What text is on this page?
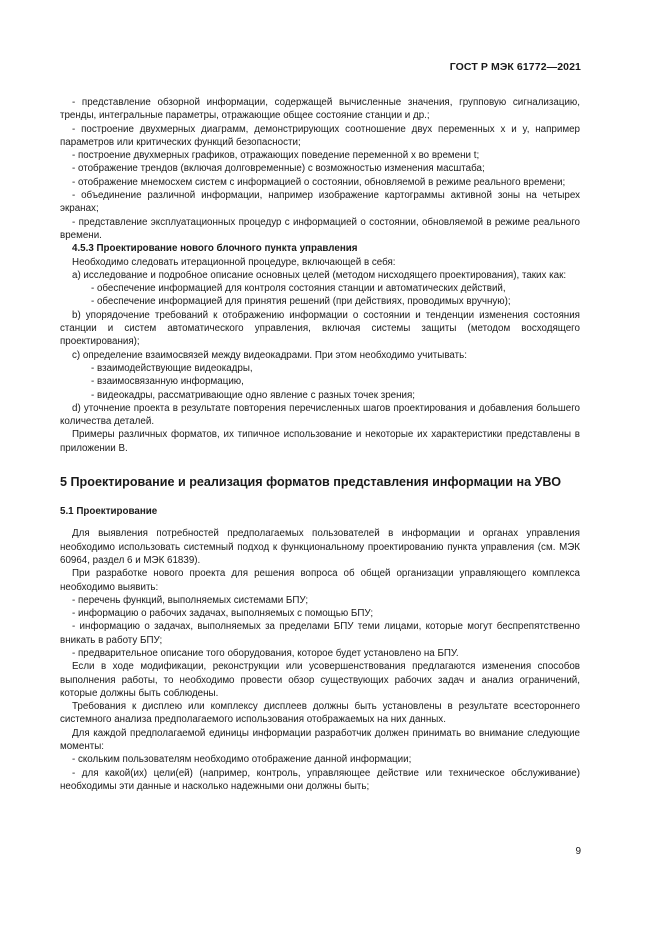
ГОСТ Р МЭК 61772—2021
- представление обзорной информации, содержащей вычисленные значения, групповую сигнализацию, тренды, интегральные параметры, отражающие общее состояние станции и др.;
- построение двухмерных диаграмм, демонстрирующих соотношение двух переменных x и y, например параметров или критических функций безопасности;
- построение двухмерных графиков, отражающих поведение переменной x во времени t;
- отображение трендов (включая долговременные) с возможностью изменения масштаба;
- отображение мнемосхем систем с информацией о состоянии, обновляемой в режиме реального времени;
- объединение различной информации, например изображение картограммы активной зоны на четырех экранах;
- представление эксплуатационных процедур с информацией о состоянии, обновляемой в режиме реального времени.
4.5.3 Проектирование нового блочного пункта управления
Необходимо следовать итерационной процедуре, включающей в себя:
а) исследование и подробное описание основных целей (методом нисходящего проектирования), таких как:
- обеспечение информацией для контроля состояния станции и автоматических действий,
- обеспечение информацией для принятия решений (при действиях, проводимых вручную);
b) упорядочение требований к отображению информации о состоянии и тенденции изменения состояния станции и систем автоматического управления, включая системы защиты (методом восходящего проектирования);
с) определение взаимосвязей между видеокадрами. При этом необходимо учитывать:
- взаимодействующие видеокадры,
- взаимосвязанную информацию,
- видеокадры, рассматривающие одно явление с разных точек зрения;
d) уточнение проекта в результате повторения перечисленных шагов проектирования и добавления большего количества деталей.
Примеры различных форматов, их типичное использование и некоторые их характеристики представлены в приложении В.
5 Проектирование и реализация форматов представления информации на УВО
5.1 Проектирование
Для выявления потребностей предполагаемых пользователей в информации и органах управления необходимо использовать системный подход к функциональному проектированию пункта управления (см. МЭК 60964, раздел 6 и МЭК 61839).
При разработке нового проекта для решения вопроса об общей организации управляющего комплекса необходимо выявить:
- перечень функций, выполняемых системами БПУ;
- информацию о рабочих задачах, выполняемых с помощью БПУ;
- информацию о задачах, выполняемых за пределами БПУ теми лицами, которые могут беспрепятственно вникать в работу БПУ;
- предварительное описание того оборудования, которое будет установлено на БПУ.
Если в ходе модификации, реконструкции или усовершенствования предлагаются изменения способов выполнения работы, то необходимо провести обзор существующих рабочих задач и анализ ограничений, которые должны быть соблюдены.
Требования к дисплею или комплексу дисплеев должны быть установлены в результате всестороннего системного анализа предполагаемого использования отображаемых на них данных.
Для каждой предполагаемой единицы информации разработчик должен принимать во внимание следующие моменты:
- скольким пользователям необходимо отображение данной информации;
- для какой(их) цели(ей) (например, контроль, управляющее действие или техническое обслуживание) необходимы эти данные и насколько надежными они должны быть;
9
